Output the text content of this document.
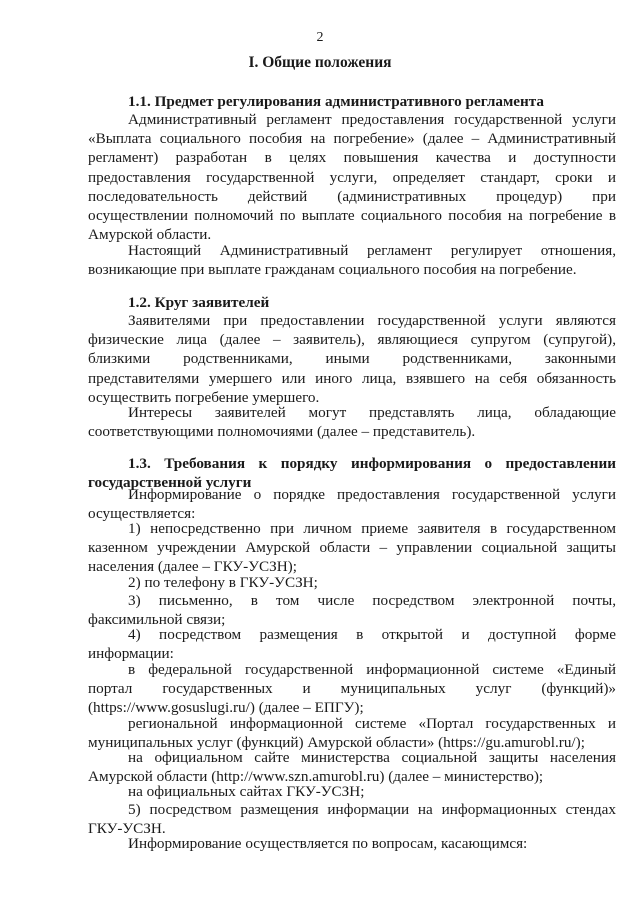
2
I. Общие положения
1.1. Предмет регулирования административного регламента
Административный регламент предоставления государственной услуги
«Выплата социального пособия на погребение» (далее – Административный
регламент) разработан в целях повышения качества и доступности
предоставления государственной услуги, определяет стандарт, сроки и
последовательность действий (административных процедур) при
осуществлении полномочий по выплате социального пособия на погребение в
Амурской области.
Настоящий Административный регламент регулирует отношения,
возникающие при выплате гражданам социального пособия на погребение.
1.2. Круг заявителей
Заявителями при предоставлении государственной услуги являются
физические лица (далее – заявитель), являющиеся супругом (супругой),
близкими родственниками, иными родственниками, законными
представителями умершего или иного лица, взявшего на себя обязанность
осуществить погребение умершего.
Интересы заявителей могут представлять лица, обладающие
соответствующими полномочиями (далее – представитель).
1.3. Требования к порядку информирования о предоставлении
государственной услуги
Информирование о порядке предоставления государственной услуги
осуществляется:
1) непосредственно при личном приеме заявителя в государственном
казенном учреждении Амурской области – управлении социальной защиты
населения (далее – ГКУ-УСЗН);
2) по телефону в ГКУ-УСЗН;
3) письменно, в том числе посредством электронной почты,
факсимильной связи;
4) посредством размещения в открытой и доступной форме
информации:
в федеральной государственной информационной системе «Единый
портал государственных и муниципальных услуг (функций)»
(https://www.gosuslugi.ru/) (далее – ЕПГУ);
региональной информационной системе «Портал государственных и
муниципальных услуг (функций) Амурской области» (https://gu.amurobl.ru/);
на официальном сайте министерства социальной защиты населения
Амурской области (http://www.szn.amurobl.ru) (далее – министерство);
на официальных сайтах ГКУ-УСЗН;
5) посредством размещения информации на информационных стендах
ГКУ-УСЗН.
Информирование осуществляется по вопросам, касающимся:
